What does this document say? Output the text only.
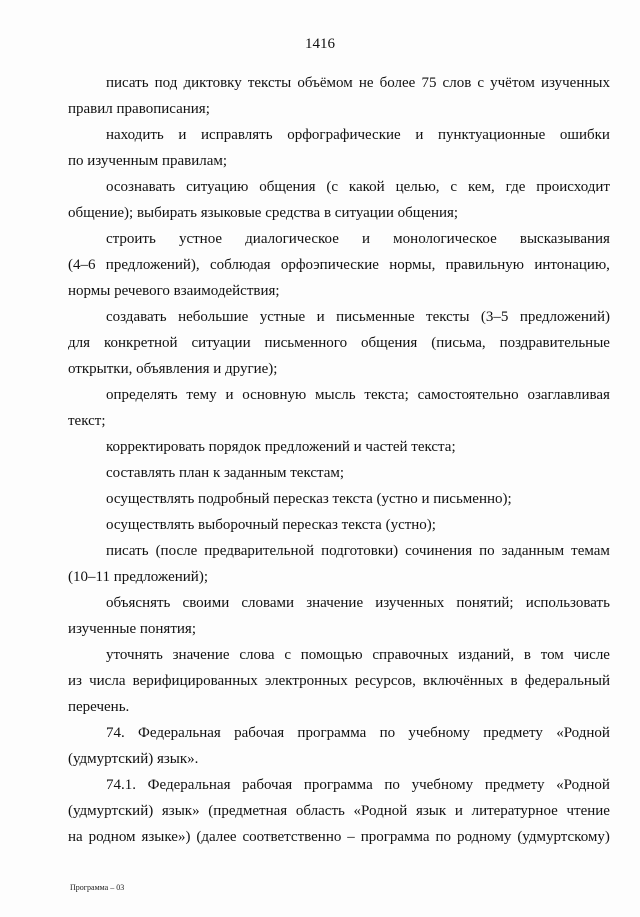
1416
писать под диктовку тексты объёмом не более 75 слов с учётом изученных
правил правописания;
находить и исправлять орфографические и пунктуационные ошибки
по изученным правилам;
осознавать ситуацию общения (с какой целью, с кем, где происходит
общение); выбирать языковые средства в ситуации общения;
строить устное диалогическое и монологическое высказывания
(4–6 предложений), соблюдая орфоэпические нормы, правильную интонацию,
нормы речевого взаимодействия;
создавать небольшие устные и письменные тексты (3–5 предложений)
для конкретной ситуации письменного общения (письма, поздравительные
открытки, объявления и другие);
определять тему и основную мысль текста; самостоятельно озаглавливая
текст;
корректировать порядок предложений и частей текста;
составлять план к заданным текстам;
осуществлять подробный пересказ текста (устно и письменно);
осуществлять выборочный пересказ текста (устно);
писать (после предварительной подготовки) сочинения по заданным темам
(10–11 предложений);
объяснять своими словами значение изученных понятий; использовать
изученные понятия;
уточнять значение слова с помощью справочных изданий, в том числе
из числа верифицированных электронных ресурсов, включённых в федеральный
перечень.
74. Федеральная рабочая программа по учебному предмету «Родной
(удмуртский) язык».
74.1. Федеральная рабочая программа по учебному предмету «Родной
(удмуртский) язык» (предметная область «Родной язык и литературное чтение
на родном языке») (далее соответственно – программа по родному (удмуртскому)
Программа – 03
